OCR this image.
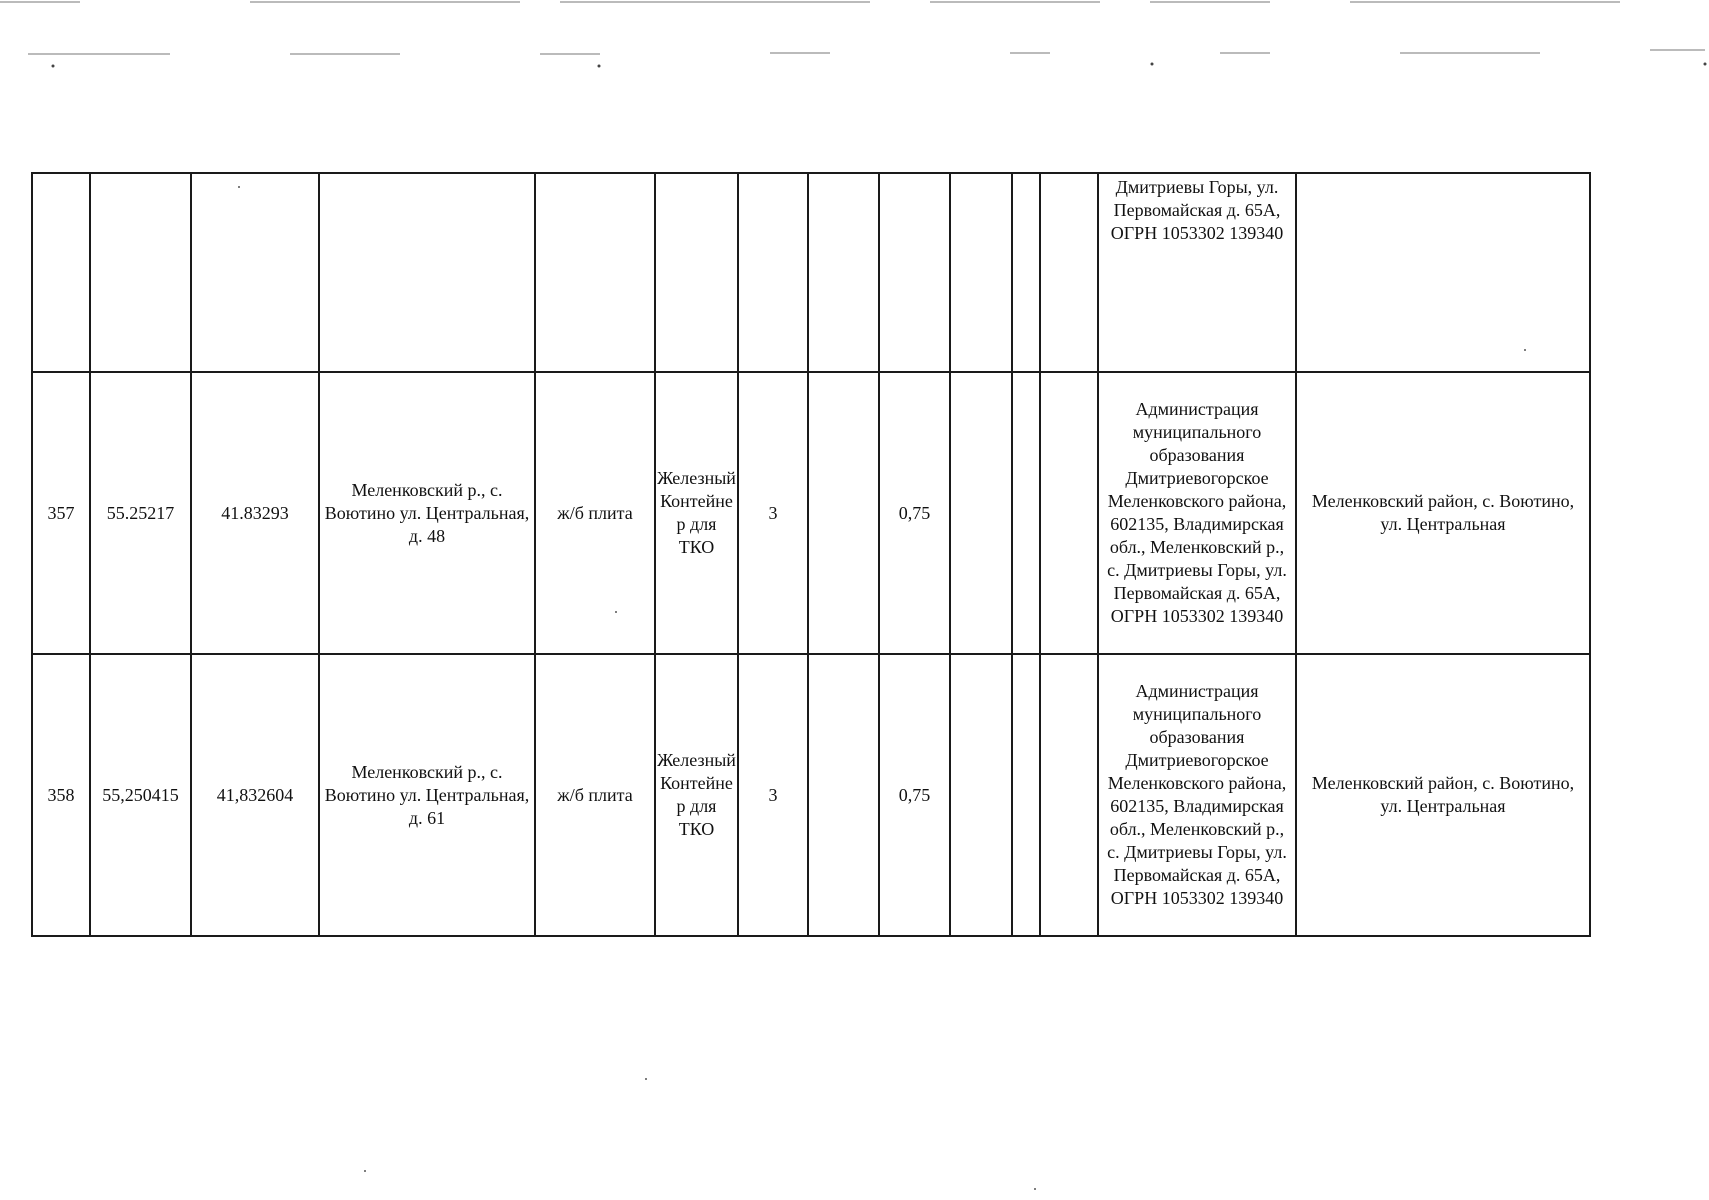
												Дмитриевы Горы, ул. Первомайская д. 65А, ОГРН 1053302 139340	
357	55.25217	41.83293	Меленковский р., с. Воютино ул. Центральная, д. 48	ж/б плита	Железный Контейнер для ТКО	3		0,75				Администрация муниципального образования Дмитриевогорское Меленковского района, 602135, Владимирская обл., Меленковский р., с. Дмитриевы Горы, ул. Первомайская д. 65А, ОГРН 1053302 139340	Меленковский район, с. Воютино, ул. Центральная
358	55,250415	41,832604	Меленковский р., с. Воютино ул. Центральная, д. 61	ж/б плита	Железный Контейнер для ТКО	3		0,75				Администрация муниципального образования Дмитриевогорское Меленковского района, 602135, Владимирская обл., Меленковский р., с. Дмитриевы Горы, ул. Первомайская д. 65А, ОГРН 1053302 139340	Меленковский район, с. Воютино, ул. Центральная
